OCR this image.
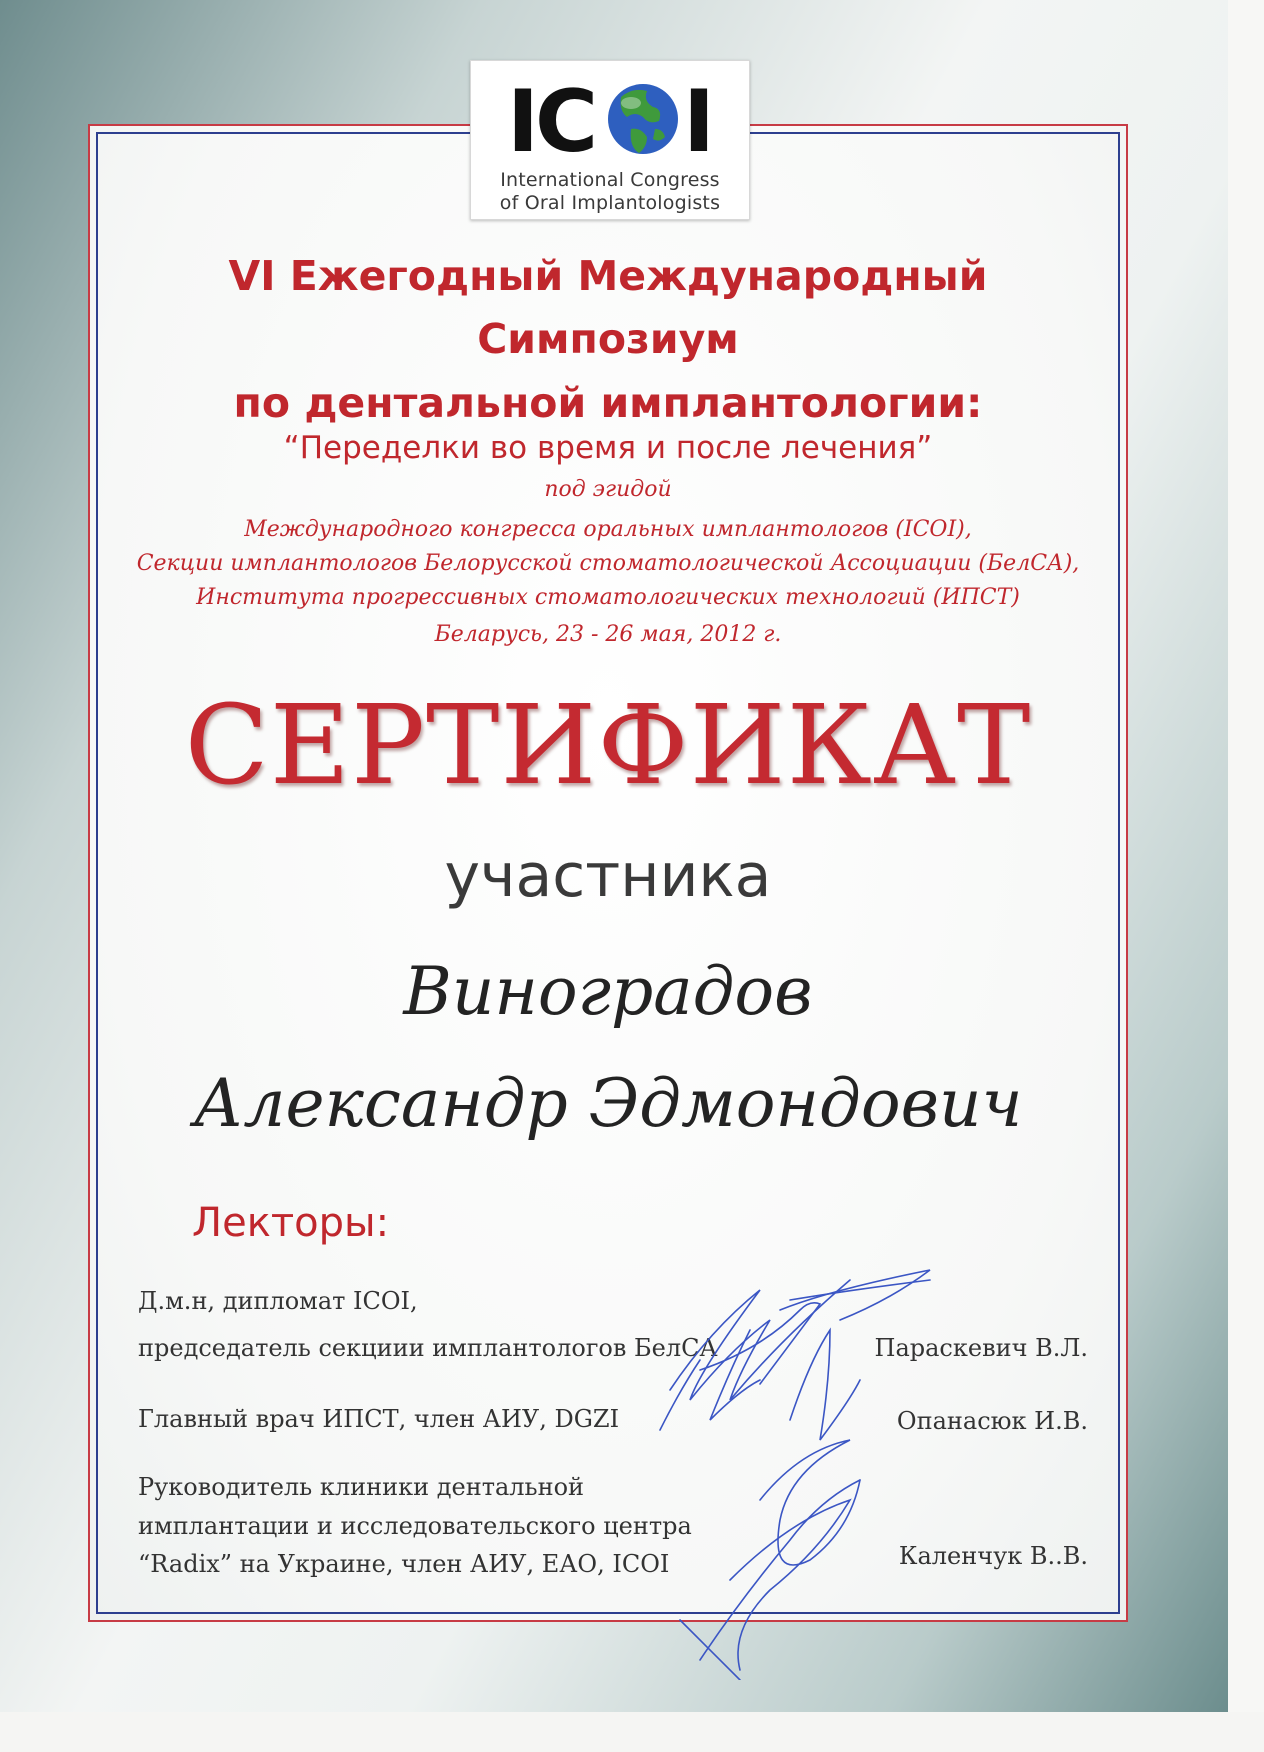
IC I
International Congress
of Oral Implantologists
VI Ежегодный Международный
Симпозиум
по дентальной имплантологии:
“Переделки во время и после лечения”
под эгидой
Международного конгресса оральных имплантологов (ICOI),
Секции имплантологов Белорусской стоматологической Ассоциации (БелСА),
Института прогрессивных стоматологических технологий (ИПСТ)
Беларусь, 23 - 26 мая, 2012 г.
СЕРТИФИКАТ
участника
Виноградов
Александр Эдмондович
Лекторы:
Д.м.н, дипломат ICOI,
председатель секциии имплантологов БелСА	Параскевич В.Л.
Главный врач ИПСТ, член АИУ, DGZI	Опанасюк И.В.
Руководитель клиники дентальной
имплантации и исследовательского центра
“Radix” на Украине, член АИУ, ЕАО, ICOI	Каленчук В..В.
